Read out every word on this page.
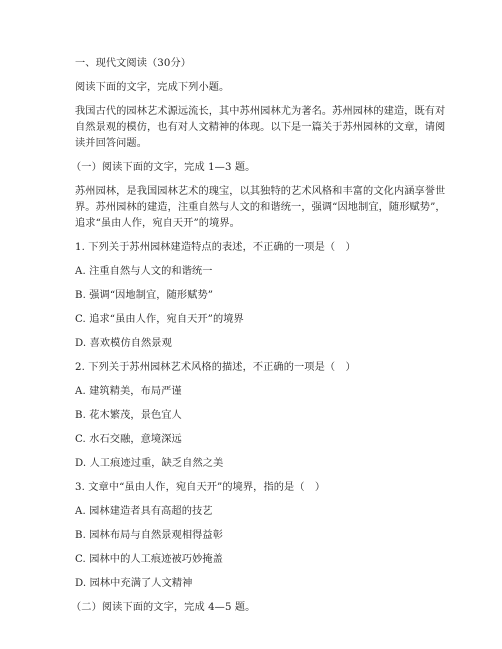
一、现代文阅读（30分）
阅读下面的文字，完成下列小题。
我国古代的园林艺术源远流长，其中苏州园林尤为著名。苏州园林的建造，既有对
自然景观的模仿，也有对人文精神的体现。以下是一篇关于苏州园林的文章，请阅
读并回答问题。
（一）阅读下面的文字，完成 1—3 题。
苏州园林，是我国园林艺术的瑰宝，以其独特的艺术风格和丰富的文化内涵享誉世
界。苏州园林的建造，注重自然与人文的和谐统一，强调“因地制宜，随形赋势”，
追求“虽由人作，宛自天开”的境界。
1. 下列关于苏州园林建造特点的表述，不正确的一项是（　）
A. 注重自然与人文的和谐统一
B. 强调“因地制宜，随形赋势”
C. 追求“虽由人作，宛自天开”的境界
D. 喜欢模仿自然景观
2. 下列关于苏州园林艺术风格的描述，不正确的一项是（　）
A. 建筑精美，布局严谨
B. 花木繁茂，景色宜人
C. 水石交融，意境深远
D. 人工痕迹过重，缺乏自然之美
3. 文章中“虽由人作，宛自天开”的境界，指的是（　）
A. 园林建造者具有高超的技艺
B. 园林布局与自然景观相得益彰
C. 园林中的人工痕迹被巧妙掩盖
D. 园林中充满了人文精神
（二）阅读下面的文字，完成 4—5 题。
